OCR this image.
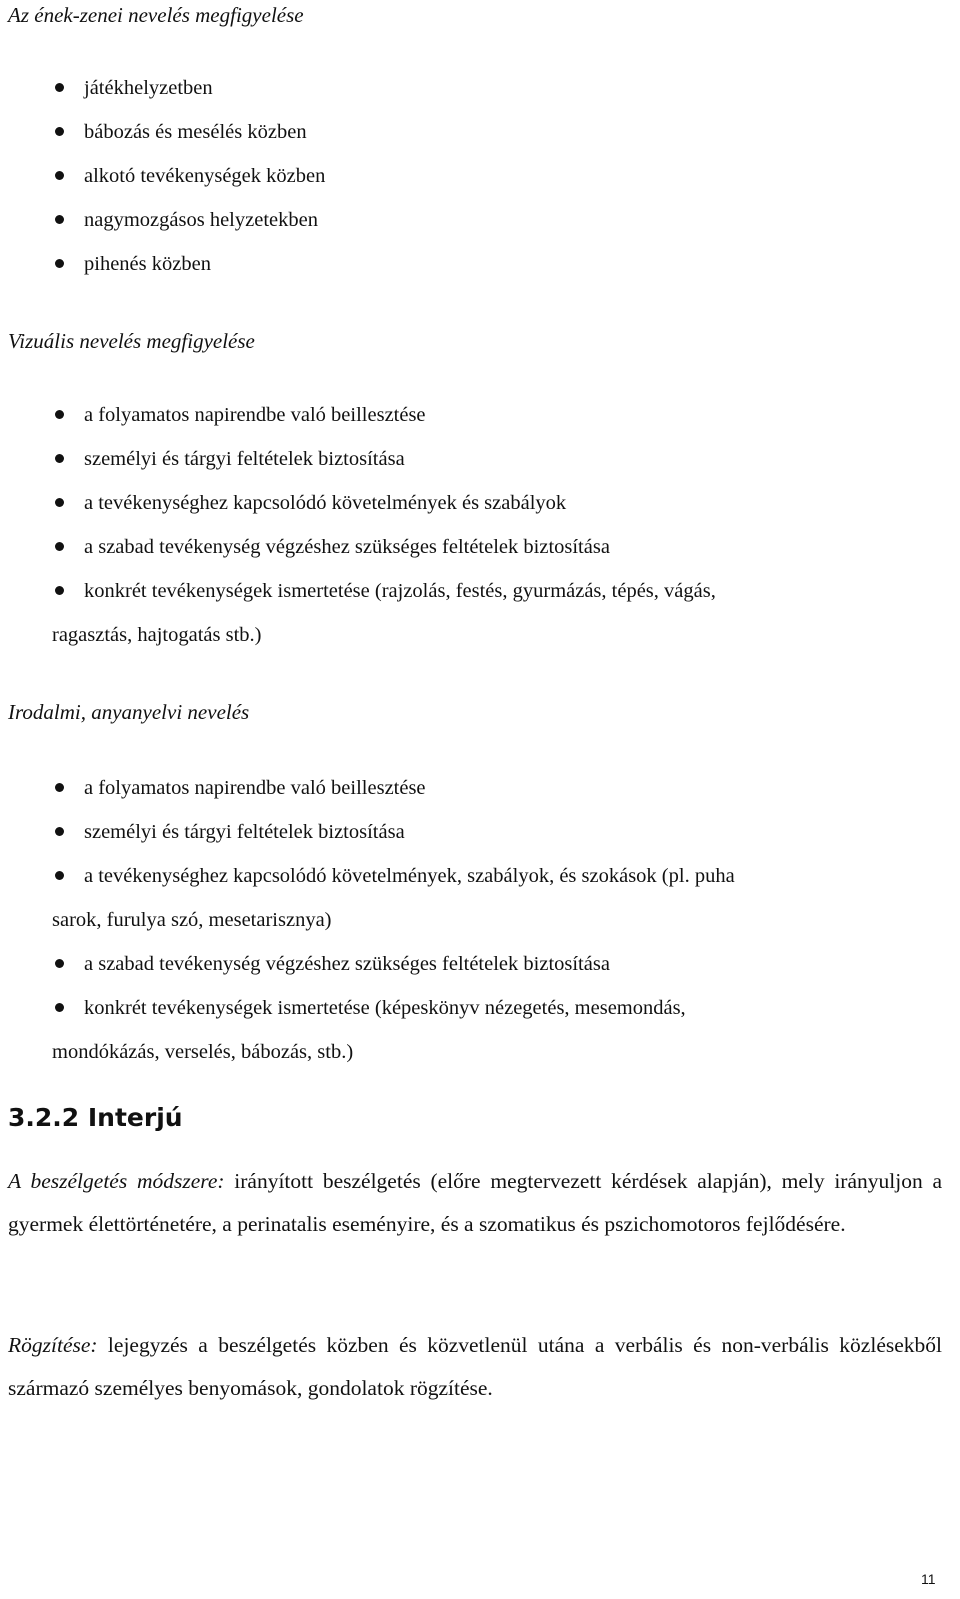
Az ének-zenei nevelés megfigyelése
játékhelyzetben
bábozás és mesélés közben
alkotó tevékenységek közben
nagymozgásos helyzetekben
pihenés közben
Vizuális nevelés megfigyelése
a folyamatos napirendbe való beillesztése
személyi és tárgyi feltételek biztosítása
a tevékenységhez kapcsolódó követelmények és szabályok
a szabad tevékenység végzéshez szükséges feltételek biztosítása
konkrét tevékenységek ismertetése (rajzolás, festés, gyurmázás, tépés, vágás,
ragasztás, hajtogatás stb.)
Irodalmi, anyanyelvi nevelés
a folyamatos napirendbe való beillesztése
személyi és tárgyi feltételek biztosítása
a tevékenységhez kapcsolódó követelmények, szabályok, és szokások (pl. puha
sarok, furulya szó, mesetarisznya)
a szabad tevékenység végzéshez szükséges feltételek biztosítása
konkrét tevékenységek ismertetése (képeskönyv nézegetés, mesemondás,
mondókázás, verselés, bábozás, stb.)
3.2.2 Interjú

A beszélgetés módszere: irányított beszélgetés (előre megtervezett kérdések alapján), mely irányuljon a gyermek élettörténetére, a perinatalis eseményire, és a szomatikus és pszichomotoros fejlődésére.

Rögzítése: lejegyzés a beszélgetés közben és közvetlenül utána a verbális és non-verbális közlésekből származó személyes benyomások, gondolatok rögzítése.

11
